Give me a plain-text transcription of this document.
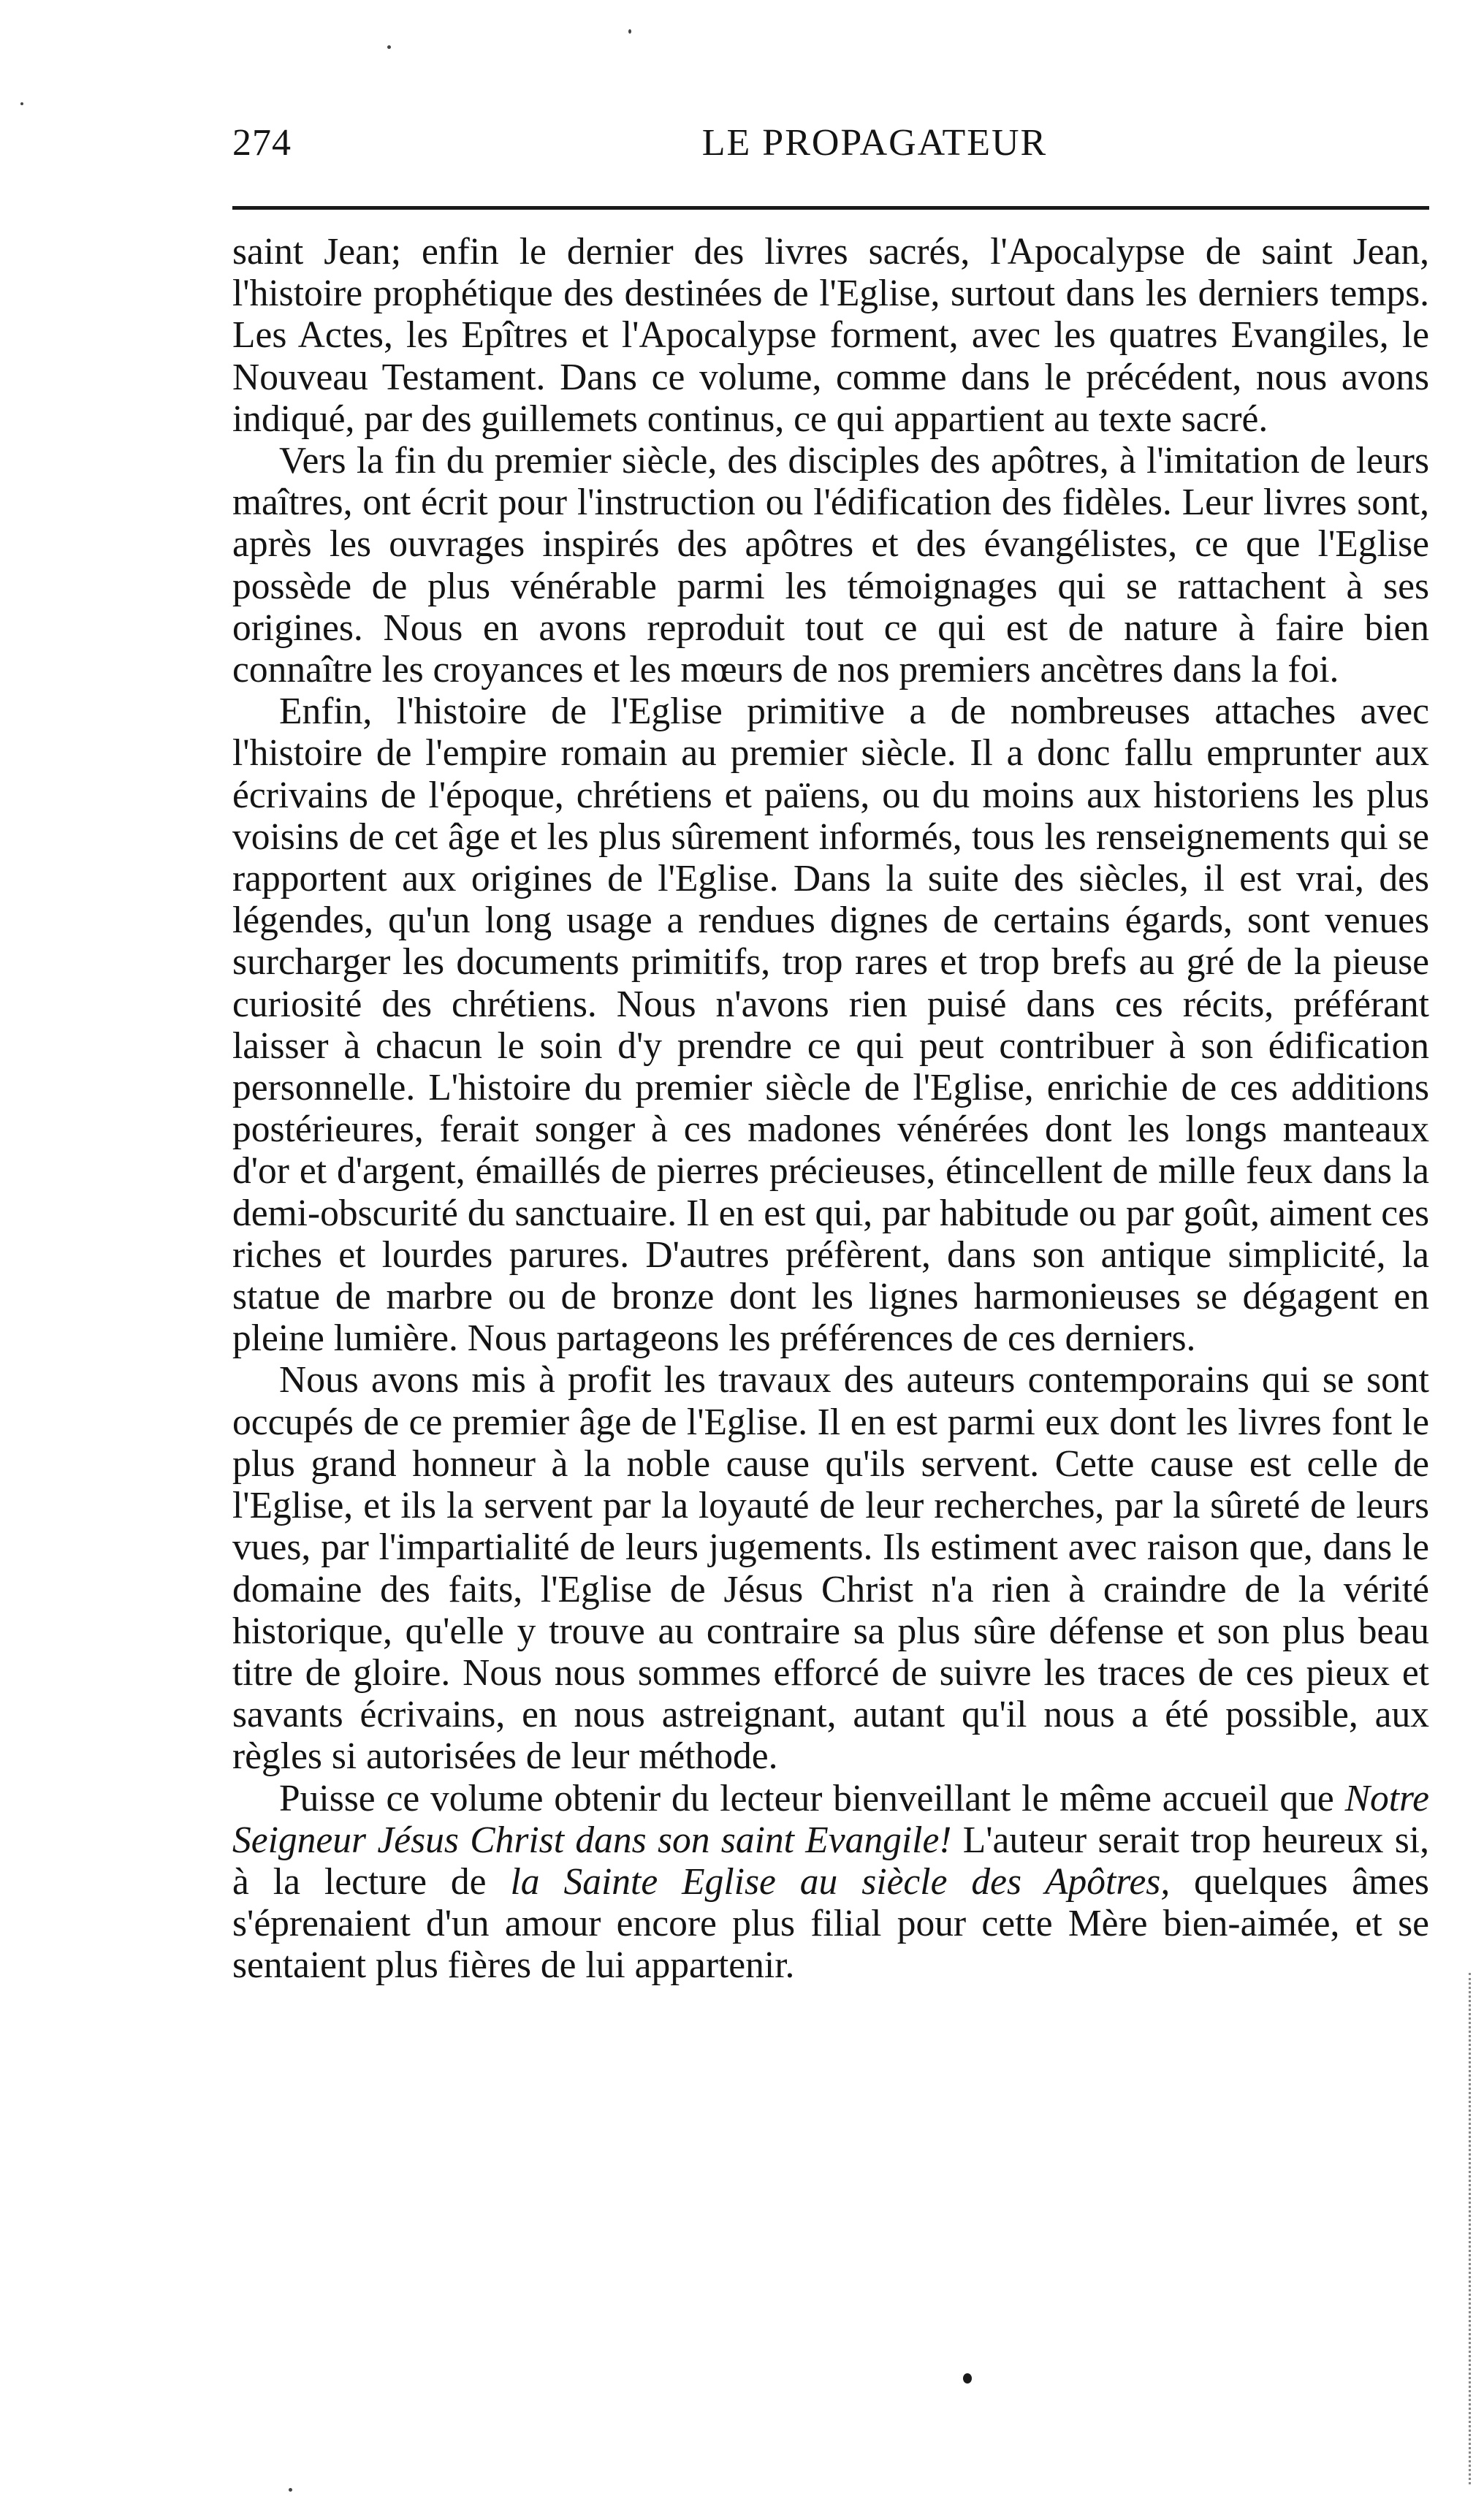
274	LE PROPAGATEUR

saint Jean; enfin le dernier des livres sacrés, l'Apocalypse de saint Jean, l'histoire prophétique des destinées de l'Eglise, surtout dans les derniers temps. Les Actes, les Epîtres et l'Apocalypse forment, avec les quatres Evangiles, le Nouveau Testament. Dans ce volume, comme dans le précédent, nous avons indiqué, par des guillemets continus, ce qui appartient au texte sacré.

Vers la fin du premier siècle, des disciples des apôtres, à l'imitation de leurs maîtres, ont écrit pour l'instruction ou l'édification des fidèles. Leur livres sont, après les ouvrages inspirés des apôtres et des évangélistes, ce que l'Eglise possède de plus vénérable parmi les témoignages qui se rattachent à ses origines. Nous en avons reproduit tout ce qui est de nature à faire bien connaître les croyances et les mœurs de nos premiers ancètres dans la foi.

Enfin, l'histoire de l'Eglise primitive a de nombreuses attaches avec l'histoire de l'empire romain au premier siècle. Il a donc fallu emprunter aux écrivains de l'époque, chrétiens et païens, ou du moins aux historiens les plus voisins de cet âge et les plus sûrement informés, tous les renseignements qui se rapportent aux origines de l'Eglise. Dans la suite des siècles, il est vrai, des légendes, qu'un long usage a rendues dignes de certains égards, sont venues surcharger les documents primitifs, trop rares et trop brefs au gré de la pieuse curiosité des chrétiens. Nous n'avons rien puisé dans ces récits, préférant laisser à chacun le soin d'y prendre ce qui peut contribuer à son édification personnelle. L'histoire du premier siècle de l'Eglise, enrichie de ces additions postérieures, ferait songer à ces madones vénérées dont les longs manteaux d'or et d'argent, émaillés de pierres précieuses, étincellent de mille feux dans la demi-obscurité du sanctuaire. Il en est qui, par habitude ou par goût, aiment ces riches et lourdes parures. D'autres préfèrent, dans son antique simplicité, la statue de marbre ou de bronze dont les lignes harmonieuses se dégagent en pleine lumière. Nous partageons les préférences de ces derniers.

Nous avons mis à profit les travaux des auteurs contemporains qui se sont occupés de ce premier âge de l'Eglise. Il en est parmi eux dont les livres font le plus grand honneur à la noble cause qu'ils servent. Cette cause est celle de l'Eglise, et ils la servent par la loyauté de leur recherches, par la sûreté de leurs vues, par l'impartialité de leurs jugements. Ils estiment avec raison que, dans le domaine des faits, l'Eglise de Jésus Christ n'a rien à craindre de la vérité historique, qu'elle y trouve au contraire sa plus sûre défense et son plus beau titre de gloire. Nous nous sommes efforcé de suivre les traces de ces pieux et savants écrivains, en nous astreignant, autant qu'il nous a été possible, aux règles si autorisées de leur méthode.

Puisse ce volume obtenir du lecteur bienveillant le même accueil que Notre Seigneur Jésus Christ dans son saint Evangile! L'auteur serait trop heureux si, à la lecture de la Sainte Eglise au siècle des Apôtres, quelques âmes s'éprenaient d'un amour encore plus filial pour cette Mère bien-aimée, et se sentaient plus fières de lui appartenir.
